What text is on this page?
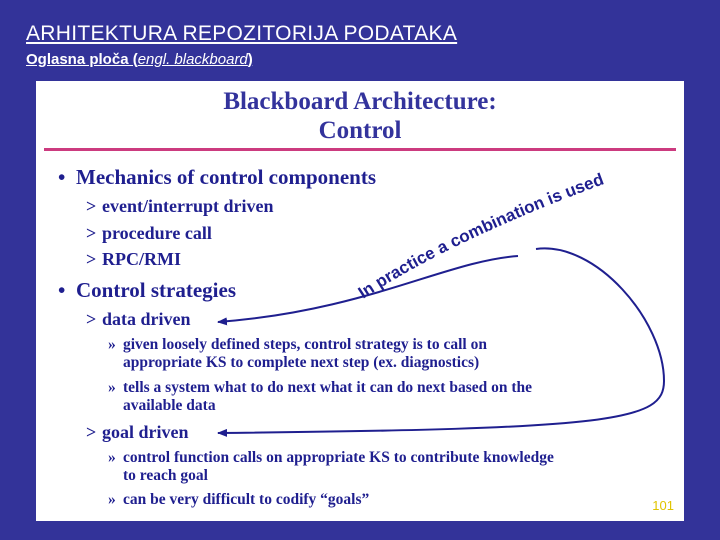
ARHITEKTURA REPOZITORIJA PODATAKA
Oglasna ploča (engl. blackboard)
Blackboard Architecture:
Control
Mechanics of control components
•
> event/interrupt driven
> procedure call
> RPC/RMI
• Control strategies
> data driven
» given loosely defined steps, control strategy is to call on
appropriate KS to complete next step (ex. diagnostics)
» tells a system what to do next what it can do next based on the
available data
> goal driven
» control function calls on appropriate KS to contribute knowledge
to reach goal
» can be very difficult to codify “goals”
In practice a combination is used
101
